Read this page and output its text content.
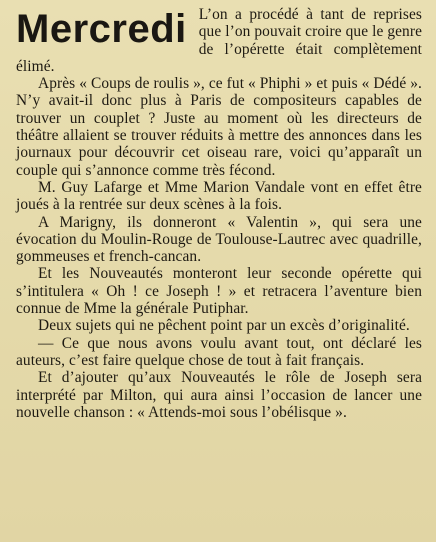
Mercredi L’on a procédé à tant de reprises que l’on pouvait croire que le genre de l’opérette était complètement élimé.

Après « Coups de roulis », ce fut « Phiphi » et puis « Dédé ». N’y avait-il donc plus à Paris de compositeurs capables de trouver un couplet ? Juste au moment où les directeurs de théâtre allaient se trouver réduits à mettre des annonces dans les journaux pour découvrir cet oiseau rare, voici qu’apparaît un couple qui s’annonce comme très fécond.

M. Guy Lafarge et Mme Marion Vandale vont en effet être joués à la rentrée sur deux scènes à la fois.

A Marigny, ils donneront « Valentin », qui sera une évocation du Moulin-Rouge de Toulouse-Lautrec avec quadrille, gommeuses et french-cancan.

Et les Nouveautés monteront leur seconde opérette qui s’intitulera « Oh ! ce Joseph ! » et retracera l’aventure bien connue de Mme la générale Putiphar.

Deux sujets qui ne pêchent point par un excès d’originalité.

— Ce que nous avons voulu avant tout, ont déclaré les auteurs, c’est faire quelque chose de tout à fait français.

Et d’ajouter qu’aux Nouveautés le rôle de Joseph sera interprété par Milton, qui aura ainsi l’occasion de lancer une nouvelle chanson : « Attends-moi sous l’obélisque ».
